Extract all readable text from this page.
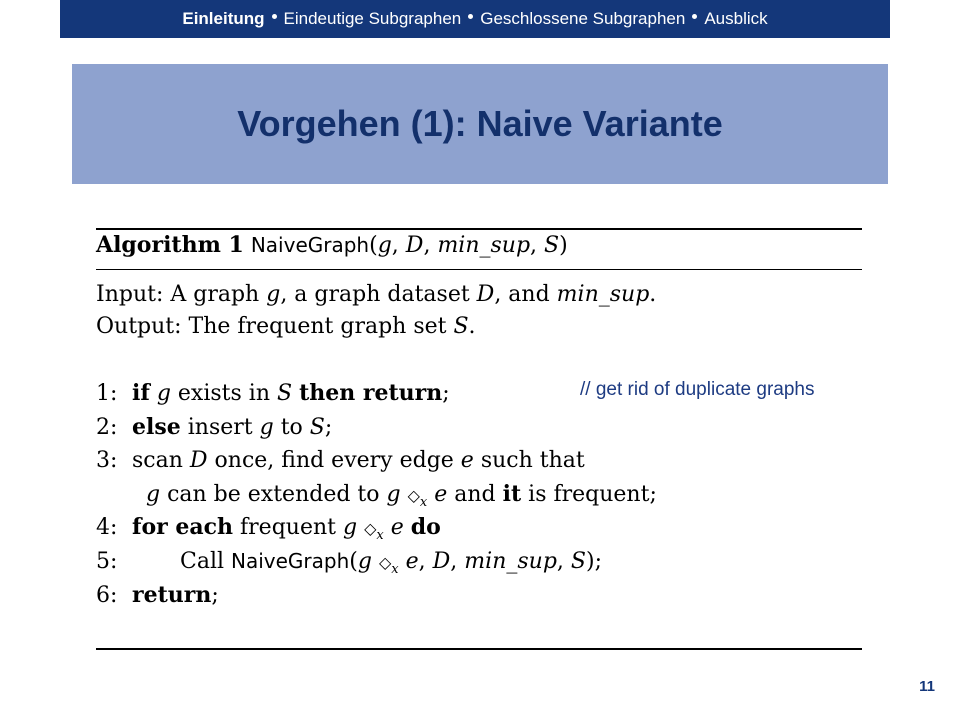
Einleitung Eindeutige Subgraphen Geschlossene Subgraphen Ausblick
Vorgehen (1): Naive Variante
Algorithm 1 NaiveGraph(g, D, min_sup, S)
Input: A graph g, a graph dataset D, and min_sup.
Output: The frequent graph set S.
1: if g exists in S then return;	// get rid of duplicate graphs
2: else insert g to S;
3: scan D once, find every edge e such that
g can be extended to g $◇_x$ e and it is frequent;
4: for each frequent g $◇_x$ e do
5:	Call NaiveGraph(g $◇_x$ e, D, min_sup, S);
6: return;
11
